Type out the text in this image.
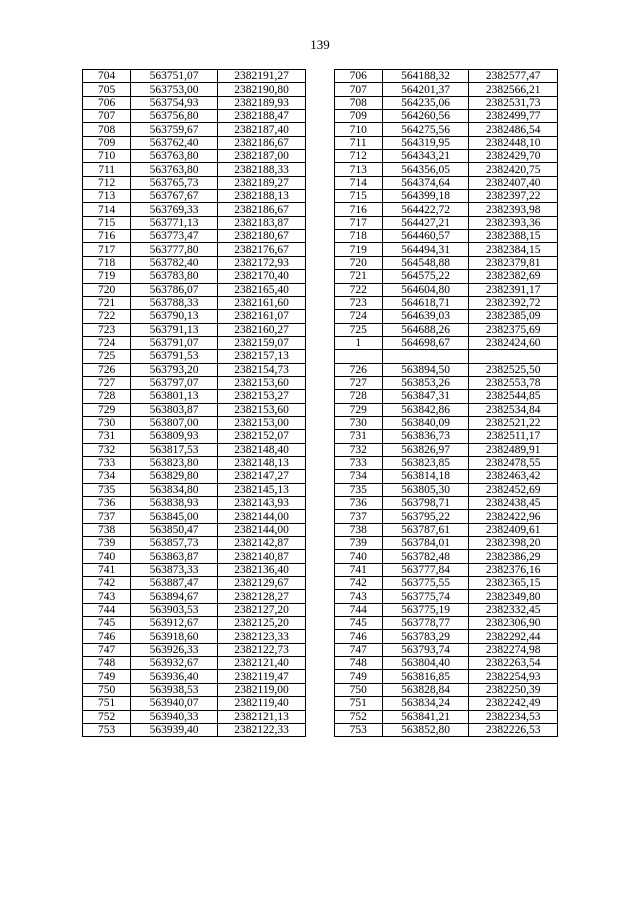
139
704	563751,07	2382191,27		706	564188,32	2382577,47
705	563753,00	2382190,80		707	564201,37	2382566,21
706	563754,93	2382189,93		708	564235,06	2382531,73
707	563756,80	2382188,47		709	564260,56	2382499,77
708	563759,67	2382187,40		710	564275,56	2382486,54
709	563762,40	2382186,67		711	564319,95	2382448,10
710	563763,80	2382187,00		712	564343,21	2382429,70
711	563763,80	2382188,33		713	564356,05	2382420,75
712	563765,73	2382189,27		714	564374,64	2382407,40
713	563767,67	2382188,13		715	564399,18	2382397,22
714	563769,33	2382186,67		716	564422,72	2382393,98
715	563771,13	2382183,87		717	564427,21	2382393,36
716	563773,47	2382180,67		718	564460,57	2382388,15
717	563777,80	2382176,67		719	564494,31	2382384,15
718	563782,40	2382172,93		720	564548,88	2382379,81
719	563783,80	2382170,40		721	564575,22	2382382,69
720	563786,07	2382165,40		722	564604,80	2382391,17
721	563788,33	2382161,60		723	564618,71	2382392,72
722	563790,13	2382161,07		724	564639,03	2382385,09
723	563791,13	2382160,27		725	564688,26	2382375,69
724	563791,07	2382159,07		1	564698,67	2382424,60
725	563791,53	2382157,13				
726	563793,20	2382154,73		726	563894,50	2382525,50
727	563797,07	2382153,60		727	563853,26	2382553,78
728	563801,13	2382153,27		728	563847,31	2382544,85
729	563803,87	2382153,60		729	563842,86	2382534,84
730	563807,00	2382153,00		730	563840,09	2382521,22
731	563809,93	2382152,07		731	563836,73	2382511,17
732	563817,53	2382148,40		732	563826,97	2382489,91
733	563823,80	2382148,13		733	563823,85	2382478,55
734	563829,80	2382147,27		734	563814,18	2382463,42
735	563834,80	2382145,13		735	563805,30	2382452,69
736	563838,93	2382143,93		736	563798,71	2382438,45
737	563845,00	2382144,00		737	563795,22	2382422,96
738	563850,47	2382144,00		738	563787,61	2382409,61
739	563857,73	2382142,87		739	563784,01	2382398,20
740	563863,87	2382140,87		740	563782,48	2382386,29
741	563873,33	2382136,40		741	563777,84	2382376,16
742	563887,47	2382129,67		742	563775,55	2382365,15
743	563894,67	2382128,27		743	563775,74	2382349,80
744	563903,53	2382127,20		744	563775,19	2382332,45
745	563912,67	2382125,20		745	563778,77	2382306,90
746	563918,60	2382123,33		746	563783,29	2382292,44
747	563926,33	2382122,73		747	563793,74	2382274,98
748	563932,67	2382121,40		748	563804,40	2382263,54
749	563936,40	2382119,47		749	563816,85	2382254,93
750	563938,53	2382119,00		750	563828,84	2382250,39
751	563940,07	2382119,40		751	563834,24	2382242,49
752	563940,33	2382121,13		752	563841,21	2382234,53
753	563939,40	2382122,33		753	563852,80	2382226,53
